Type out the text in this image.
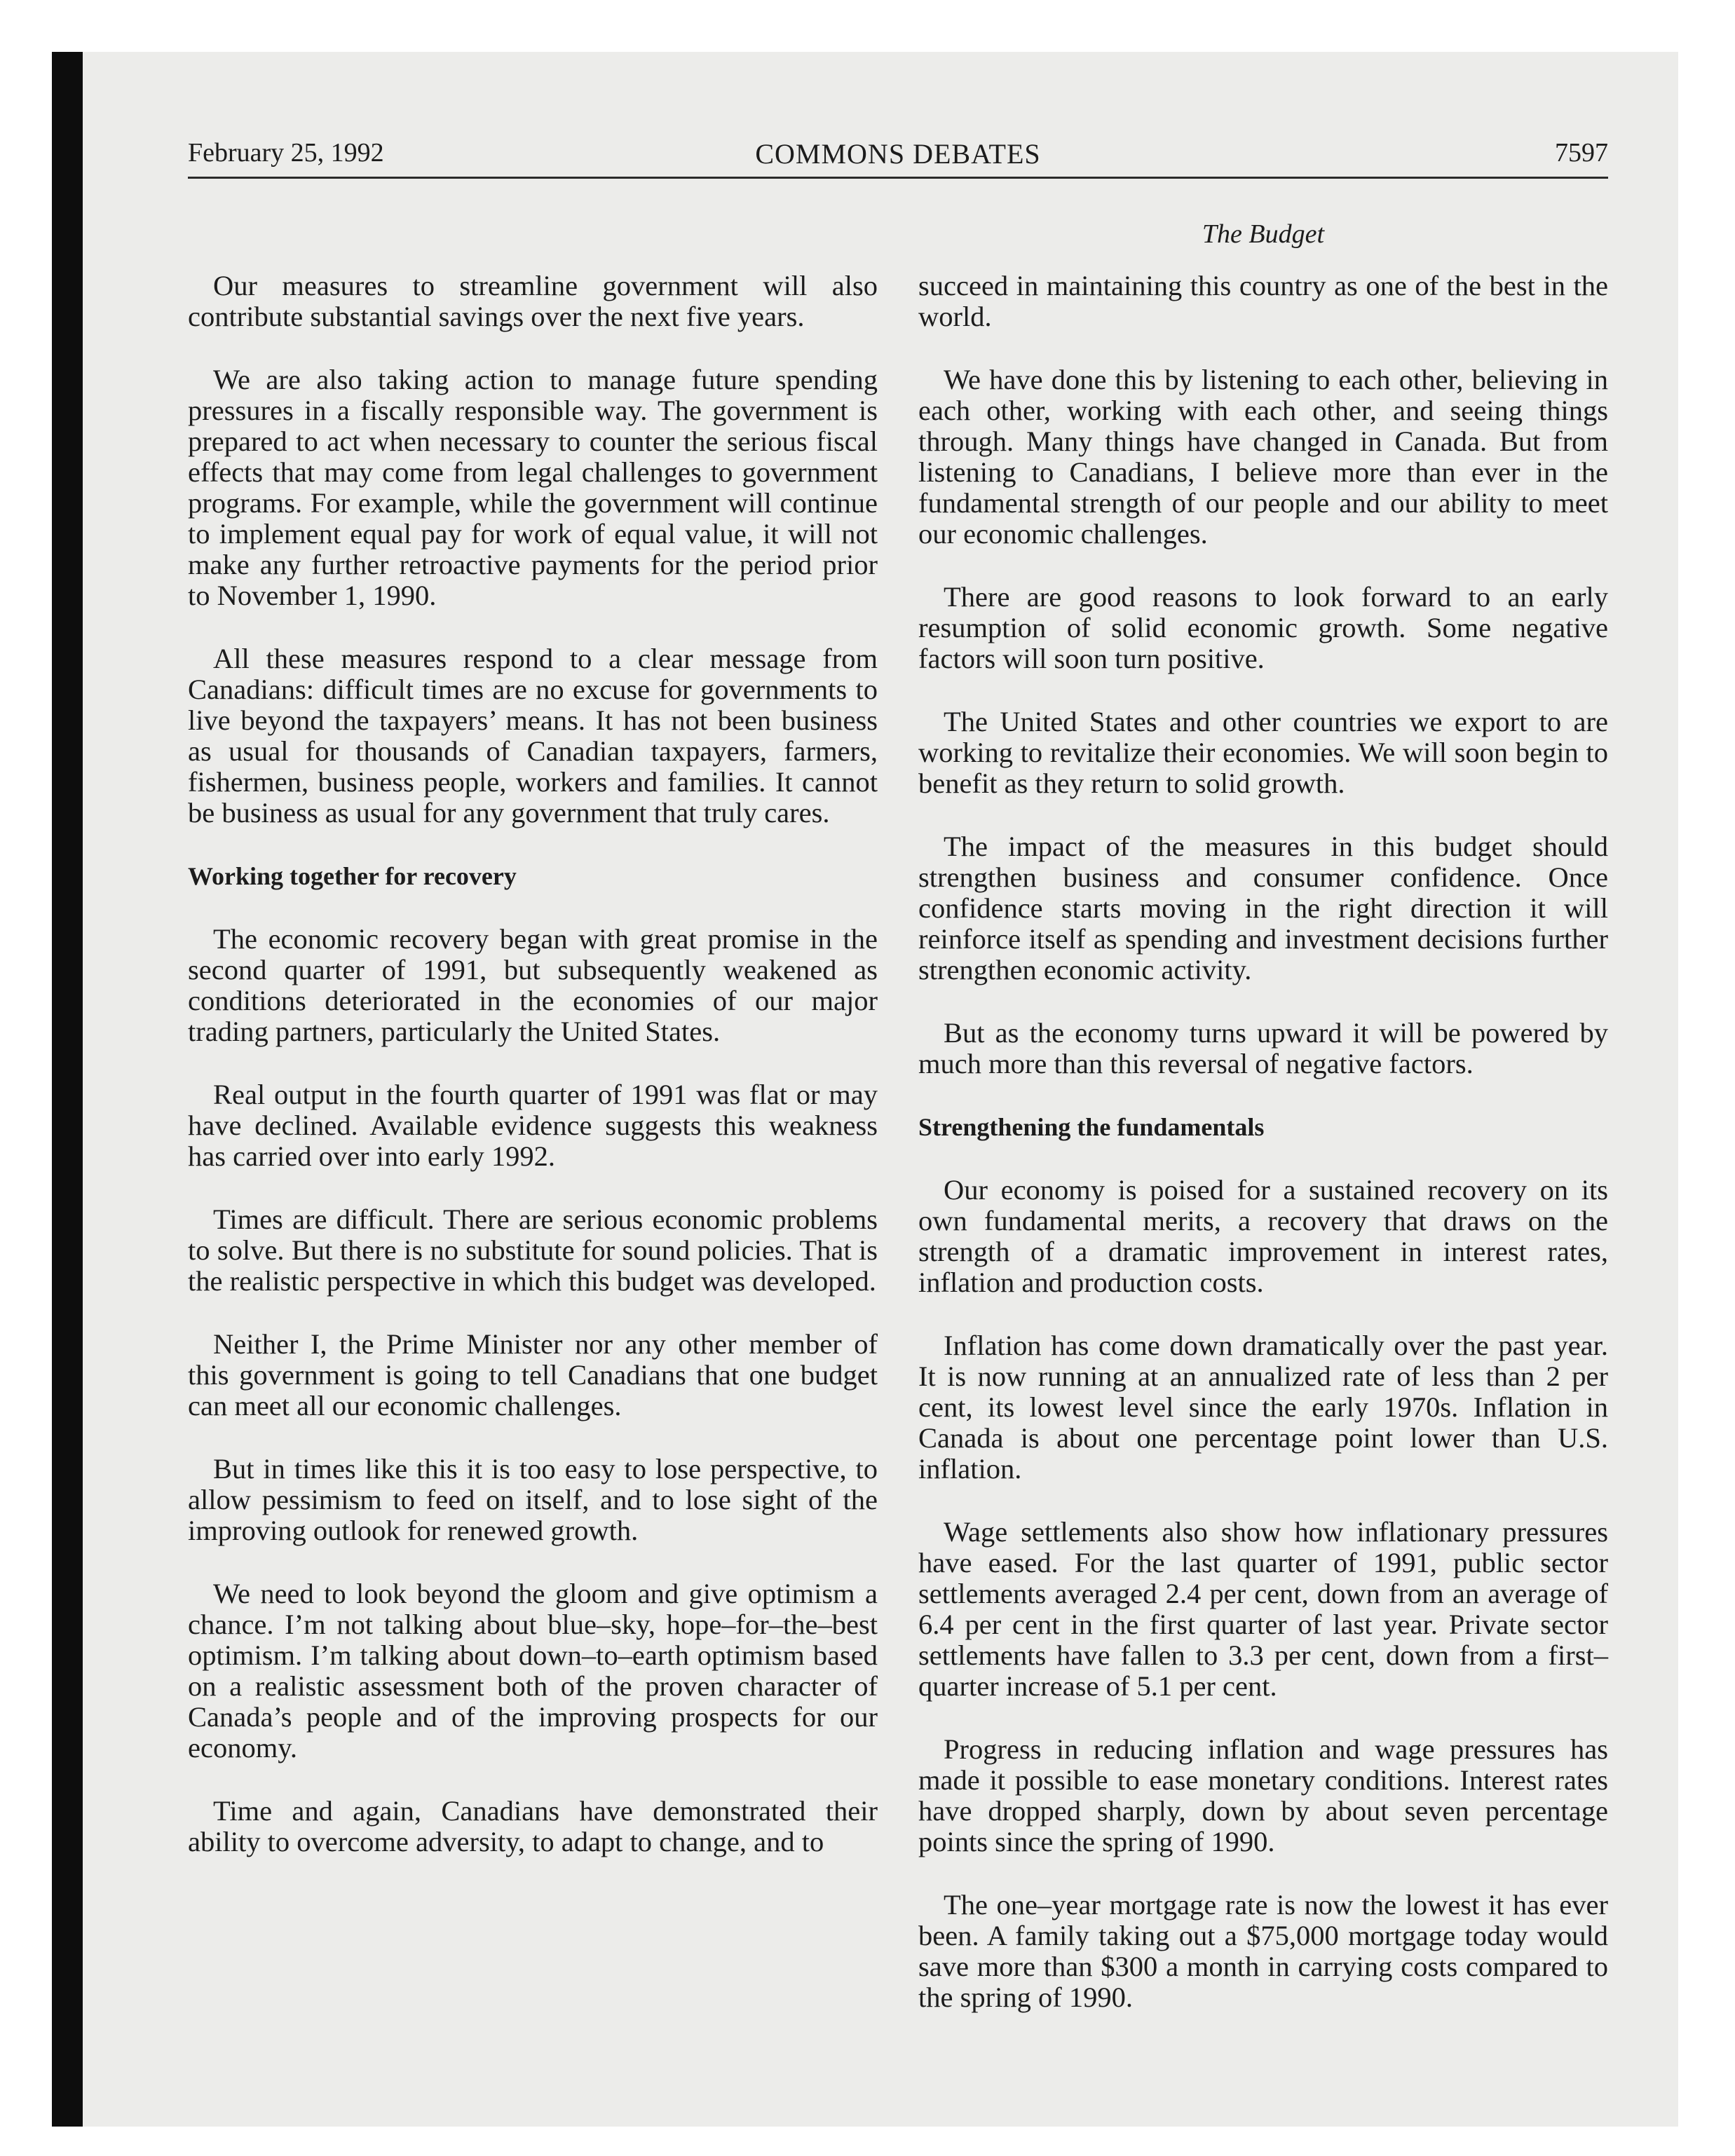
February 25, 1992	COMMONS DEBATES	7597
The Budget

Our measures to streamline government will also contribute substantial savings over the next five years.

We are also taking action to manage future spending pressures in a fiscally responsible way. The government is prepared to act when necessary to counter the serious fiscal effects that may come from legal challenges to government programs. For example, while the government will continue to implement equal pay for work of equal value, it will not make any further retroactive payments for the period prior to November 1, 1990.

All these measures respond to a clear message from Canadians: difficult times are no excuse for governments to live beyond the taxpayers’ means. It has not been business as usual for thousands of Canadian taxpayers, farmers, fishermen, business people, workers and families. It cannot be business as usual for any government that truly cares.

Working together for recovery

The economic recovery began with great promise in the second quarter of 1991, but subsequently weakened as conditions deteriorated in the economies of our major trading partners, particularly the United States.

Real output in the fourth quarter of 1991 was flat or may have declined. Available evidence suggests this weakness has carried over into early 1992.

Times are difficult. There are serious economic problems to solve. But there is no substitute for sound policies. That is the realistic perspective in which this budget was developed.

Neither I, the Prime Minister nor any other member of this government is going to tell Canadians that one budget can meet all our economic challenges.

But in times like this it is too easy to lose perspective, to allow pessimism to feed on itself, and to lose sight of the improving outlook for renewed growth.

We need to look beyond the gloom and give optimism a chance. I’m not talking about blue–sky, hope–for–the–best optimism. I’m talking about down–to–earth optimism based on a realistic assessment both of the proven character of Canada’s people and of the improving prospects for our economy.

Time and again, Canadians have demonstrated their ability to overcome adversity, to adapt to change, and to

succeed in maintaining this country as one of the best in the world.

We have done this by listening to each other, believing in each other, working with each other, and seeing things through. Many things have changed in Canada. But from listening to Canadians, I believe more than ever in the fundamental strength of our people and our ability to meet our economic challenges.

There are good reasons to look forward to an early resumption of solid economic growth. Some negative factors will soon turn positive.

The United States and other countries we export to are working to revitalize their economies. We will soon begin to benefit as they return to solid growth.

The impact of the measures in this budget should strengthen business and consumer confidence. Once confidence starts moving in the right direction it will reinforce itself as spending and investment decisions further strengthen economic activity.

But as the economy turns upward it will be powered by much more than this reversal of negative factors.

Strengthening the fundamentals

Our economy is poised for a sustained recovery on its own fundamental merits, a recovery that draws on the strength of a dramatic improvement in interest rates, inflation and production costs.

Inflation has come down dramatically over the past year. It is now running at an annualized rate of less than 2 per cent, its lowest level since the early 1970s. Inflation in Canada is about one percentage point lower than U.S. inflation.

Wage settlements also show how inflationary pressures have eased. For the last quarter of 1991, public sector settlements averaged 2.4 per cent, down from an average of 6.4 per cent in the first quarter of last year. Private sector settlements have fallen to 3.3 per cent, down from a first–quarter increase of 5.1 per cent.

Progress in reducing inflation and wage pressures has made it possible to ease monetary conditions. Interest rates have dropped sharply, down by about seven percentage points since the spring of 1990.

The one–year mortgage rate is now the lowest it has ever been. A family taking out a $75,000 mortgage today would save more than $300 a month in carrying costs compared to the spring of 1990.
